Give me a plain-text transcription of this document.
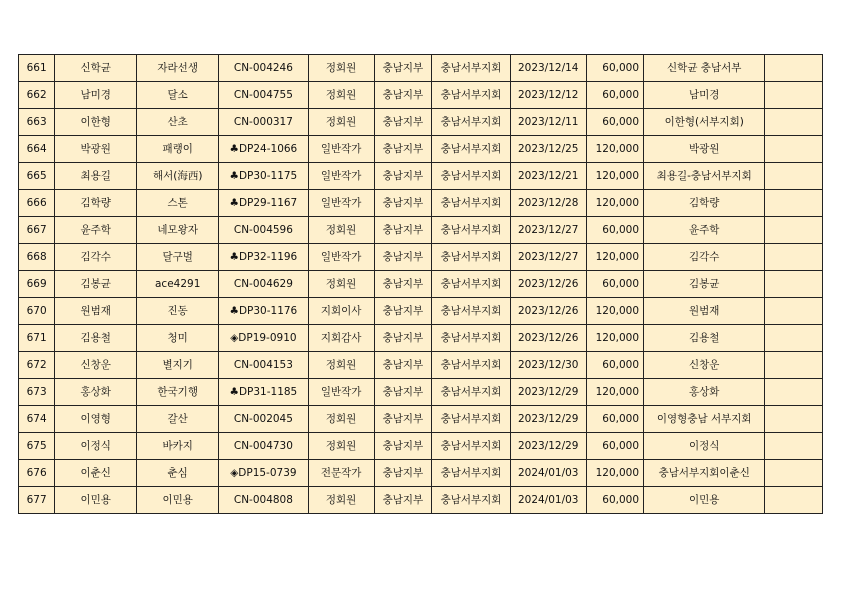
661	신학균	자라선생	CN-004246	정회원	충남지부	충남서부지회	2023/12/14	60,000	신학균 충남서부	
662	남미경	달소	CN-004755	정회원	충남지부	충남서부지회	2023/12/12	60,000	남미경	
663	이한형	산초	CN-000317	정회원	충남지부	충남서부지회	2023/12/11	60,000	이한형(서부지회)	
664	박광원	패랭이	♣DP24-1066	일반작가	충남지부	충남서부지회	2023/12/25	120,000	박광원	
665	최용길	해서(海西)	♣DP30-1175	일반작가	충남지부	충남서부지회	2023/12/21	120,000	최용길-충남서부지회	
666	김학량	스톤	♣DP29-1167	일반작가	충남지부	충남서부지회	2023/12/28	120,000	김학량	
667	윤주학	네모왕자	CN-004596	정회원	충남지부	충남서부지회	2023/12/27	60,000	윤주학	
668	김각수	달구벌	♣DP32-1196	일반작가	충남지부	충남서부지회	2023/12/27	120,000	김각수	
669	김봉균	ace4291	CN-004629	정회원	충남지부	충남서부지회	2023/12/26	60,000	김봉균	
670	원범재	진동	♣DP30-1176	지회이사	충남지부	충남서부지회	2023/12/26	120,000	원범재	
671	김용철	청미	◈DP19-0910	지회감사	충남지부	충남서부지회	2023/12/26	120,000	김용철	
672	신창운	별지기	CN-004153	정회원	충남지부	충남서부지회	2023/12/30	60,000	신창운	
673	홍상화	한국기행	♣DP31-1185	일반작가	충남지부	충남서부지회	2023/12/29	120,000	홍상화	
674	이영형	갈산	CN-002045	정회원	충남지부	충남서부지회	2023/12/29	60,000	이영형충남 서부지회	
675	이정식	바카지	CN-004730	정회원	충남지부	충남서부지회	2023/12/29	60,000	이정식	
676	이춘신	춘심	◈DP15-0739	전문작가	충남지부	충남서부지회	2024/01/03	120,000	충남서부지회이춘신	
677	이민용	이민용	CN-004808	정회원	충남지부	충남서부지회	2024/01/03	60,000	이민용	
